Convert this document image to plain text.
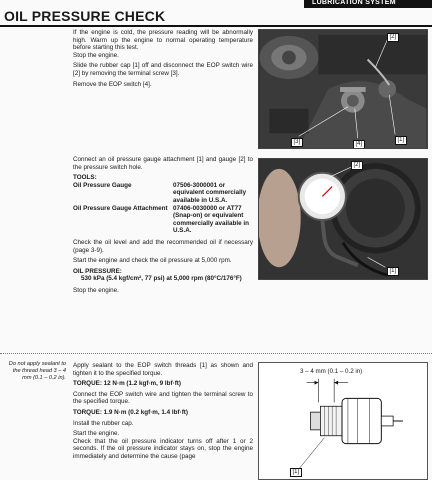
LUBRICATION SYSTEM
OIL PRESSURE CHECK

If the engine is cold, the pressure reading will be abnormally high. Warm up the engine to normal operating temperature before starting this test.

Stop the engine.

Slide the rubber cap [1] off and disconnect the EOP switch wire [2] by removing the terminal screw [3].

Remove the EOP switch [4].

Connect an oil pressure gauge attachment [1] and gauge [2] to the pressure switch hole.

TOOLS:
Oil Pressure Gauge	07506-3000001 or equivalent commercially available in U.S.A.
Oil Pressure Gauge Attachment 07406-0030000 or AT77 (Snap-on) or equivalent commercially available in U.S.A.

Check the oil level and add the recommended oil if necessary (page 3-9).

Start the engine and check the oil pressure at 5,000 rpm.

OIL PRESSURE:
530 kPa (5.4 kgf/cm², 77 psi) at 5,000 rpm (80°C/176°F)

Stop the engine.

Do not apply sealant to the thread head 3 – 4 mm (0.1 – 0.2 in).

Apply sealant to the EOP switch threads [1] as shown and tighten it to the specified torque.

TORQUE: 12 N·m (1.2 kgf·m, 9 lbf·ft)

Connect the EOP switch wire and tighten the terminal screw to the specified torque.

TORQUE: 1.9 N·m (0.2 kgf·m, 1.4 lbf·ft)

Install the rubber cap.

Start the engine.

Check that the oil pressure indicator turns off after 1 or 2 seconds. If the oil pressure indicator stays on, stop the engine immediately and determine the cause (page

[2]
[3]	[4]
[1]
[2]
[1]
3 – 4 mm (0.1 – 0.2 in)
[1]
